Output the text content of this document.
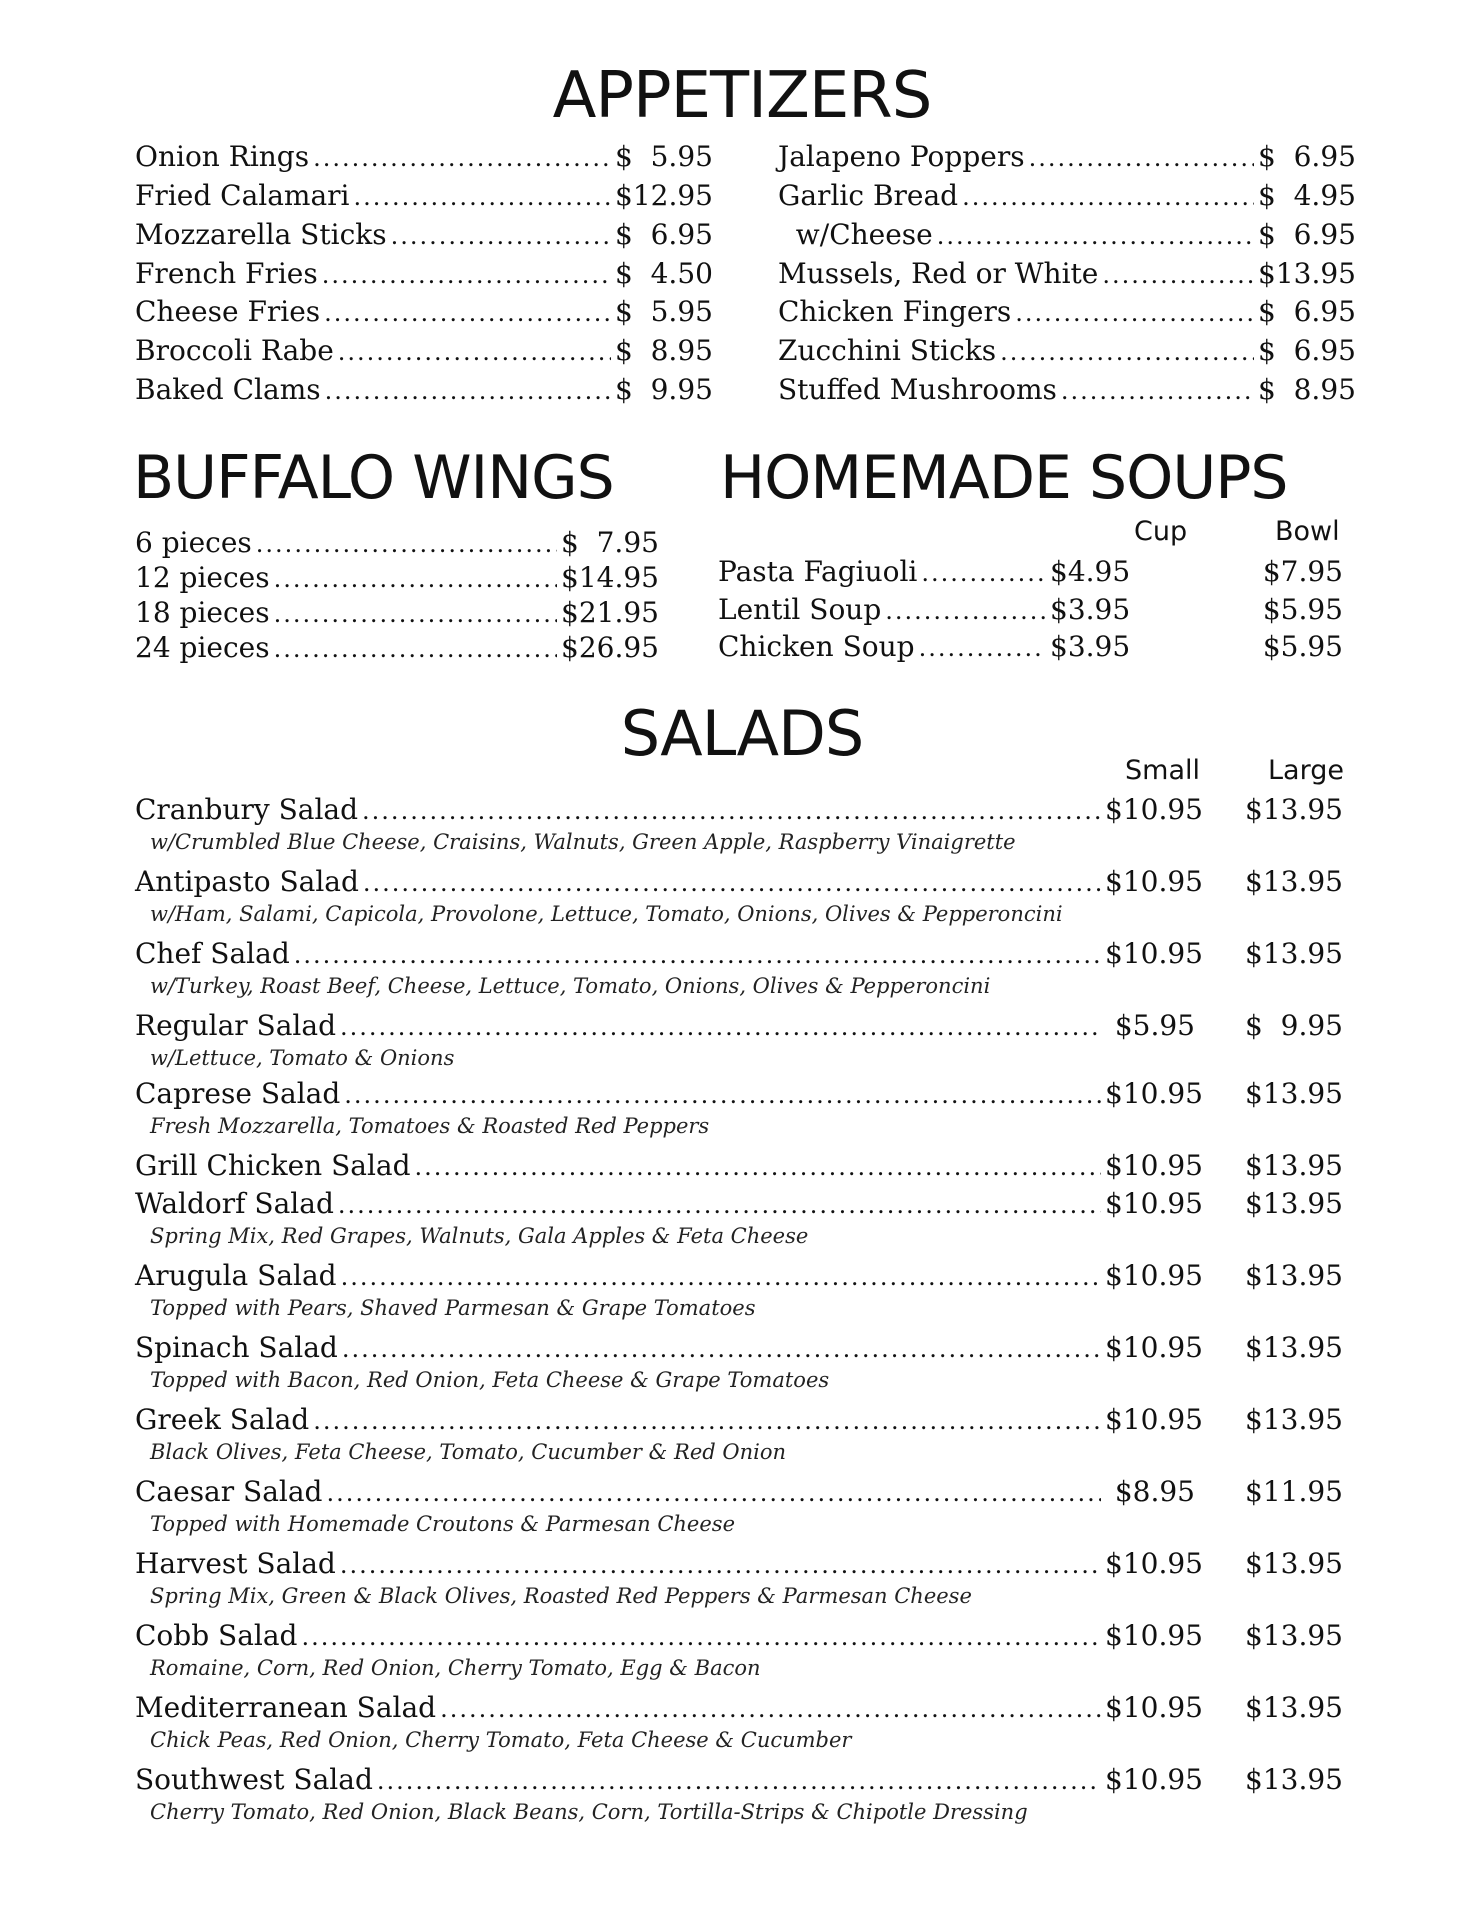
APPETIZERS
Onion Rings .....	$  5.95
Fried Calamari .....	$12.95
Mozzarella Sticks .....	$  6.95
French Fries .....	$  4.50
Cheese Fries .....	$  5.95
Broccoli Rabe .....	$  8.95
Baked Clams .....	$  9.95
Jalapeno Poppers .....	$  6.95
Garlic Bread .....	$  4.95
w/Cheese .....	$  6.95
Mussels, Red or White .....	$13.95
Chicken Fingers .....	$  6.95
Zucchini Sticks .....	$  6.95
Stuffed Mushrooms .....	$  8.95
BUFFALO WINGS
6 pieces .....	$  7.95
12 pieces .....	$14.95
18 pieces .....	$21.95
24 pieces .....	$26.95
HOMEMADE SOUPS
Cup	Bowl
Pasta Fagiuoli .....	$4.95	$7.95
Lentil Soup .....	$3.95	$5.95
Chicken Soup .....	$3.95	$5.95
SALADS
Small	Large
Cranbury Salad .....	$10.95 $13.95
w/Crumbled Blue Cheese, Craisins, Walnuts, Green Apple, Raspberry Vinaigrette
Antipasto Salad .....	$10.95 $13.95
w/Ham, Salami, Capicola, Provolone, Lettuce, Tomato, Onions, Olives & Pepperoncini
Chef Salad .....	$10.95 $13.95
w/Turkey, Roast Beef, Cheese, Lettuce, Tomato, Onions, Olives & Pepperoncini
Regular Salad .....	$5.95 $  9.95
w/Lettuce, Tomato & Onions
Caprese Salad .....	$10.95 $13.95
Fresh Mozzarella, Tomatoes & Roasted Red Peppers
Grill Chicken Salad .....	$10.95 $13.95
Waldorf Salad .....	$10.95 $13.95
Spring Mix, Red Grapes, Walnuts, Gala Apples & Feta Cheese
Arugula Salad .....	$10.95 $13.95
Topped with Pears, Shaved Parmesan & Grape Tomatoes
Spinach Salad .....	$10.95 $13.95
Topped with Bacon, Red Onion, Feta Cheese & Grape Tomatoes
Greek Salad .....	$10.95 $13.95
Black Olives, Feta Cheese, Tomato, Cucumber & Red Onion
Caesar Salad .....	$8.95 $11.95
Topped with Homemade Croutons & Parmesan Cheese
Harvest Salad .....	$10.95 $13.95
Spring Mix, Green & Black Olives, Roasted Red Peppers & Parmesan Cheese
Cobb Salad .....	$10.95 $13.95
Romaine, Corn, Red Onion, Cherry Tomato, Egg & Bacon
Mediterranean Salad .....	$10.95 $13.95
Chick Peas, Red Onion, Cherry Tomato, Feta Cheese & Cucumber
Southwest Salad .....	$10.95 $13.95
Cherry Tomato, Red Onion, Black Beans, Corn, Tortilla-Strips & Chipotle Dressing
